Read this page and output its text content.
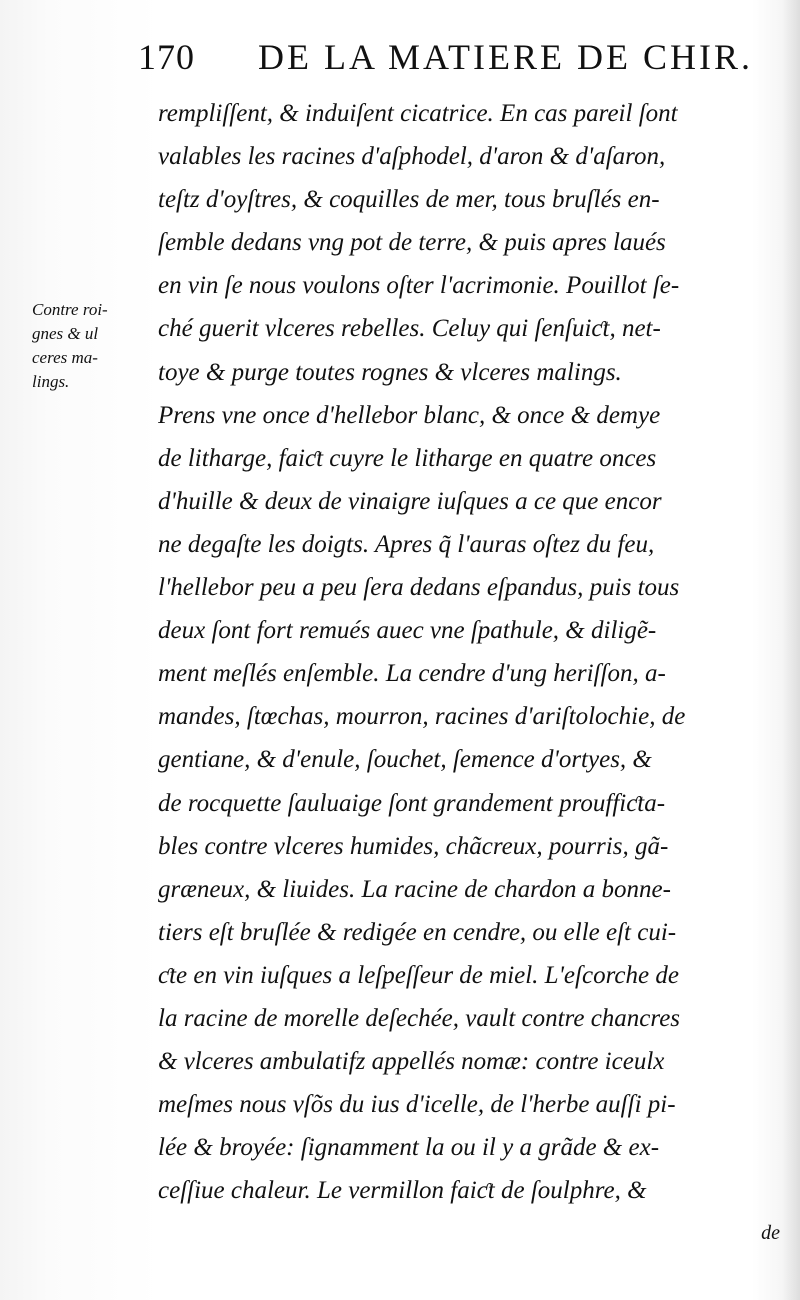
170 DE LA MATIERE DE CHIR.
Contre roi-
gnes & ul
ceres ma-
lings.
rempliſſent, & induiſent cicatrice. En cas pareil ſont
valables les racines d'aſphodel, d'aron & d'aſaron,
teſtz d'oyſtres, & coquilles de mer, tous bruſlés en-
ſemble dedans vng pot de terre, & puis apres laués
en vin ſe nous voulons oſter l'acrimonie. Pouillot ſe-
ché guerit vlceres rebelles. Celuy qui ſenſuiƈt, net-
toye & purge toutes rognes & vlceres malings.
Prens vne once d'hellebor blanc, & once & demye
de litharge, faiƈt cuyre le litharge en quatre onces
d'huille & deux de vinaigre iuſques a ce que encor
ne degaſte les doigts. Apres q̃ l'auras oſtez du feu,
l'hellebor peu a peu ſera dedans eſpandus, puis tous
deux ſont fort remués auec vne ſpathule, & diligẽ-
ment meſlés enſemble. La cendre d'ung heriſſon, a-
mandes, ſtœchas, mourron, racines d'ariſtolochie, de
gentiane, & d'enule, ſouchet, ſemence d'ortyes, &
de rocquette ſauluaige ſont grandement prouffiƈta-
bles contre vlceres humides, chãcreux, pourris, gã-
græneux, & liuides. La racine de chardon a bonne-
tiers eſt bruſlée & redigée en cendre, ou elle eſt cui-
ƈte en vin iuſques a leſpeſſeur de miel. L'eſcorche de
la racine de morelle deſechée, vault contre chancres
& vlceres ambulatifz appellés nomæ: contre iceulx
meſmes nous vſõs du ius d'icelle, de l'herbe auſſi pi-
lée & broyée: ſignamment la ou il y a grãde & ex-
ceſſiue chaleur. Le vermillon faiƈt de ſoulphre, &
de
